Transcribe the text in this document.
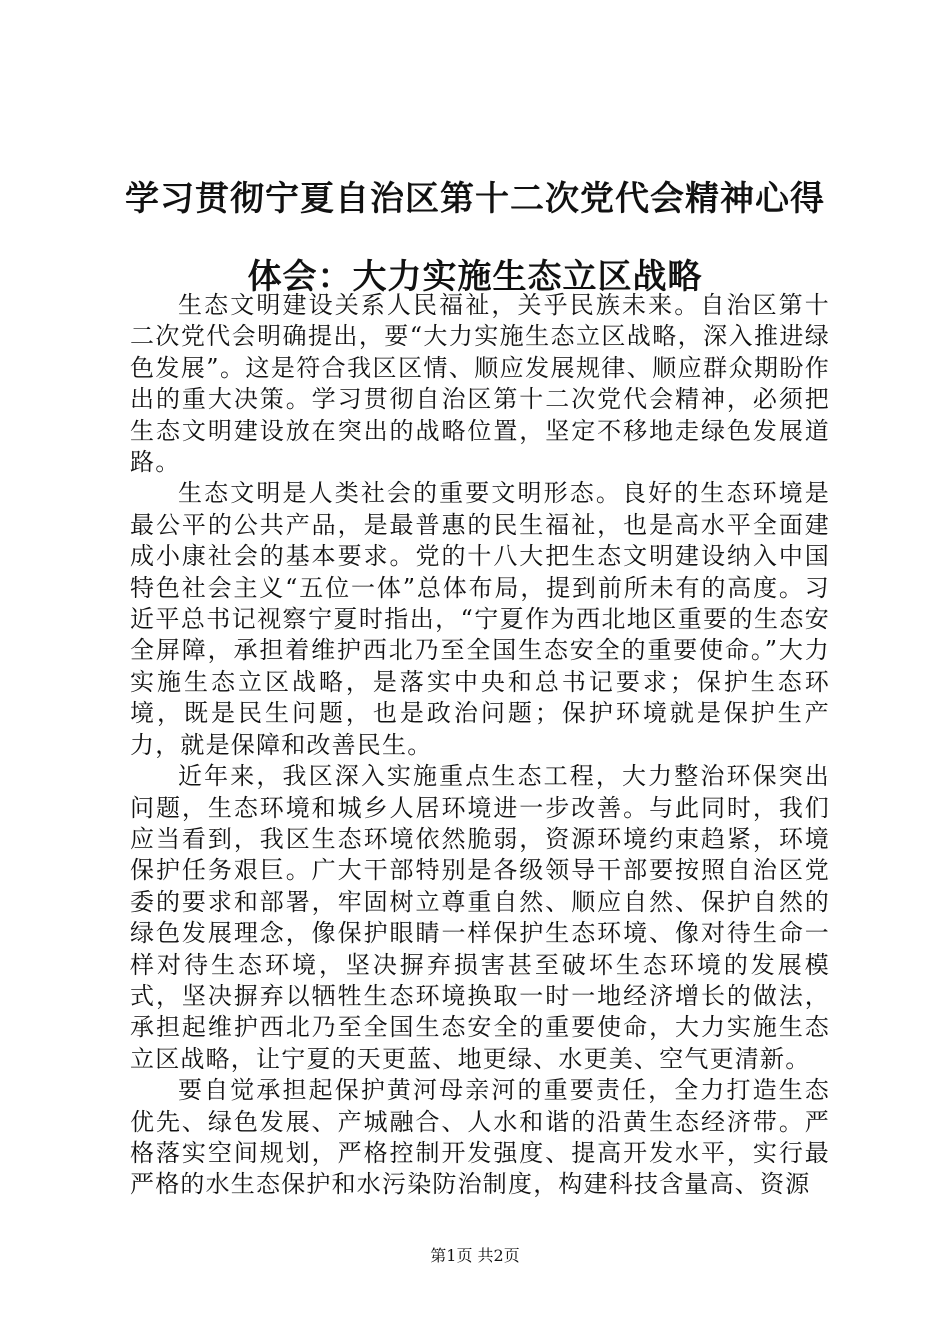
学习贯彻宁夏自治区第十二次党代会精神心得
体会：大力实施生态立区战略

生态文明建设关系人民福祉，关乎民族未来。自治区第十二次党代会明确提出，要“大力实施生态立区战略，深入推进绿色发展”。这是符合我区区情、顺应发展规律、顺应群众期盼作出的重大决策。学习贯彻自治区第十二次党代会精神，必须把生态文明建设放在突出的战略位置，坚定不移地走绿色发展道路。

生态文明是人类社会的重要文明形态。良好的生态环境是最公平的公共产品，是最普惠的民生福祉，也是高水平全面建成小康社会的基本要求。党的十八大把生态文明建设纳入中国特色社会主义“五位一体”总体布局，提到前所未有的高度。习近平总书记视察宁夏时指出，“宁夏作为西北地区重要的生态安全屏障，承担着维护西北乃至全国生态安全的重要使命。”大力实施生态立区战略，是落实中央和总书记要求；保护生态环境，既是民生问题，也是政治问题；保护环境就是保护生产力，就是保障和改善民生。

近年来，我区深入实施重点生态工程，大力整治环保突出问题，生态环境和城乡人居环境进一步改善。与此同时，我们应当看到，我区生态环境依然脆弱，资源环境约束趋紧，环境保护任务艰巨。广大干部特别是各级领导干部要按照自治区党委的要求和部署，牢固树立尊重自然、顺应自然、保护自然的绿色发展理念，像保护眼睛一样保护生态环境、像对待生命一样对待生态环境，坚决摒弃损害甚至破坏生态环境的发展模式，坚决摒弃以牺牲生态环境换取一时一地经济增长的做法，承担起维护西北乃至全国生态安全的重要使命，大力实施生态立区战略，让宁夏的天更蓝、地更绿、水更美、空气更清新。

要自觉承担起保护黄河母亲河的重要责任，全力打造生态优先、绿色发展、产城融合、人水和谐的沿黄生态经济带。严格落实空间规划，严格控制开发强度、提高开发水平，实行最严格的水生态保护和水污染防治制度，构建科技含量高、资源

第1页 共2页
